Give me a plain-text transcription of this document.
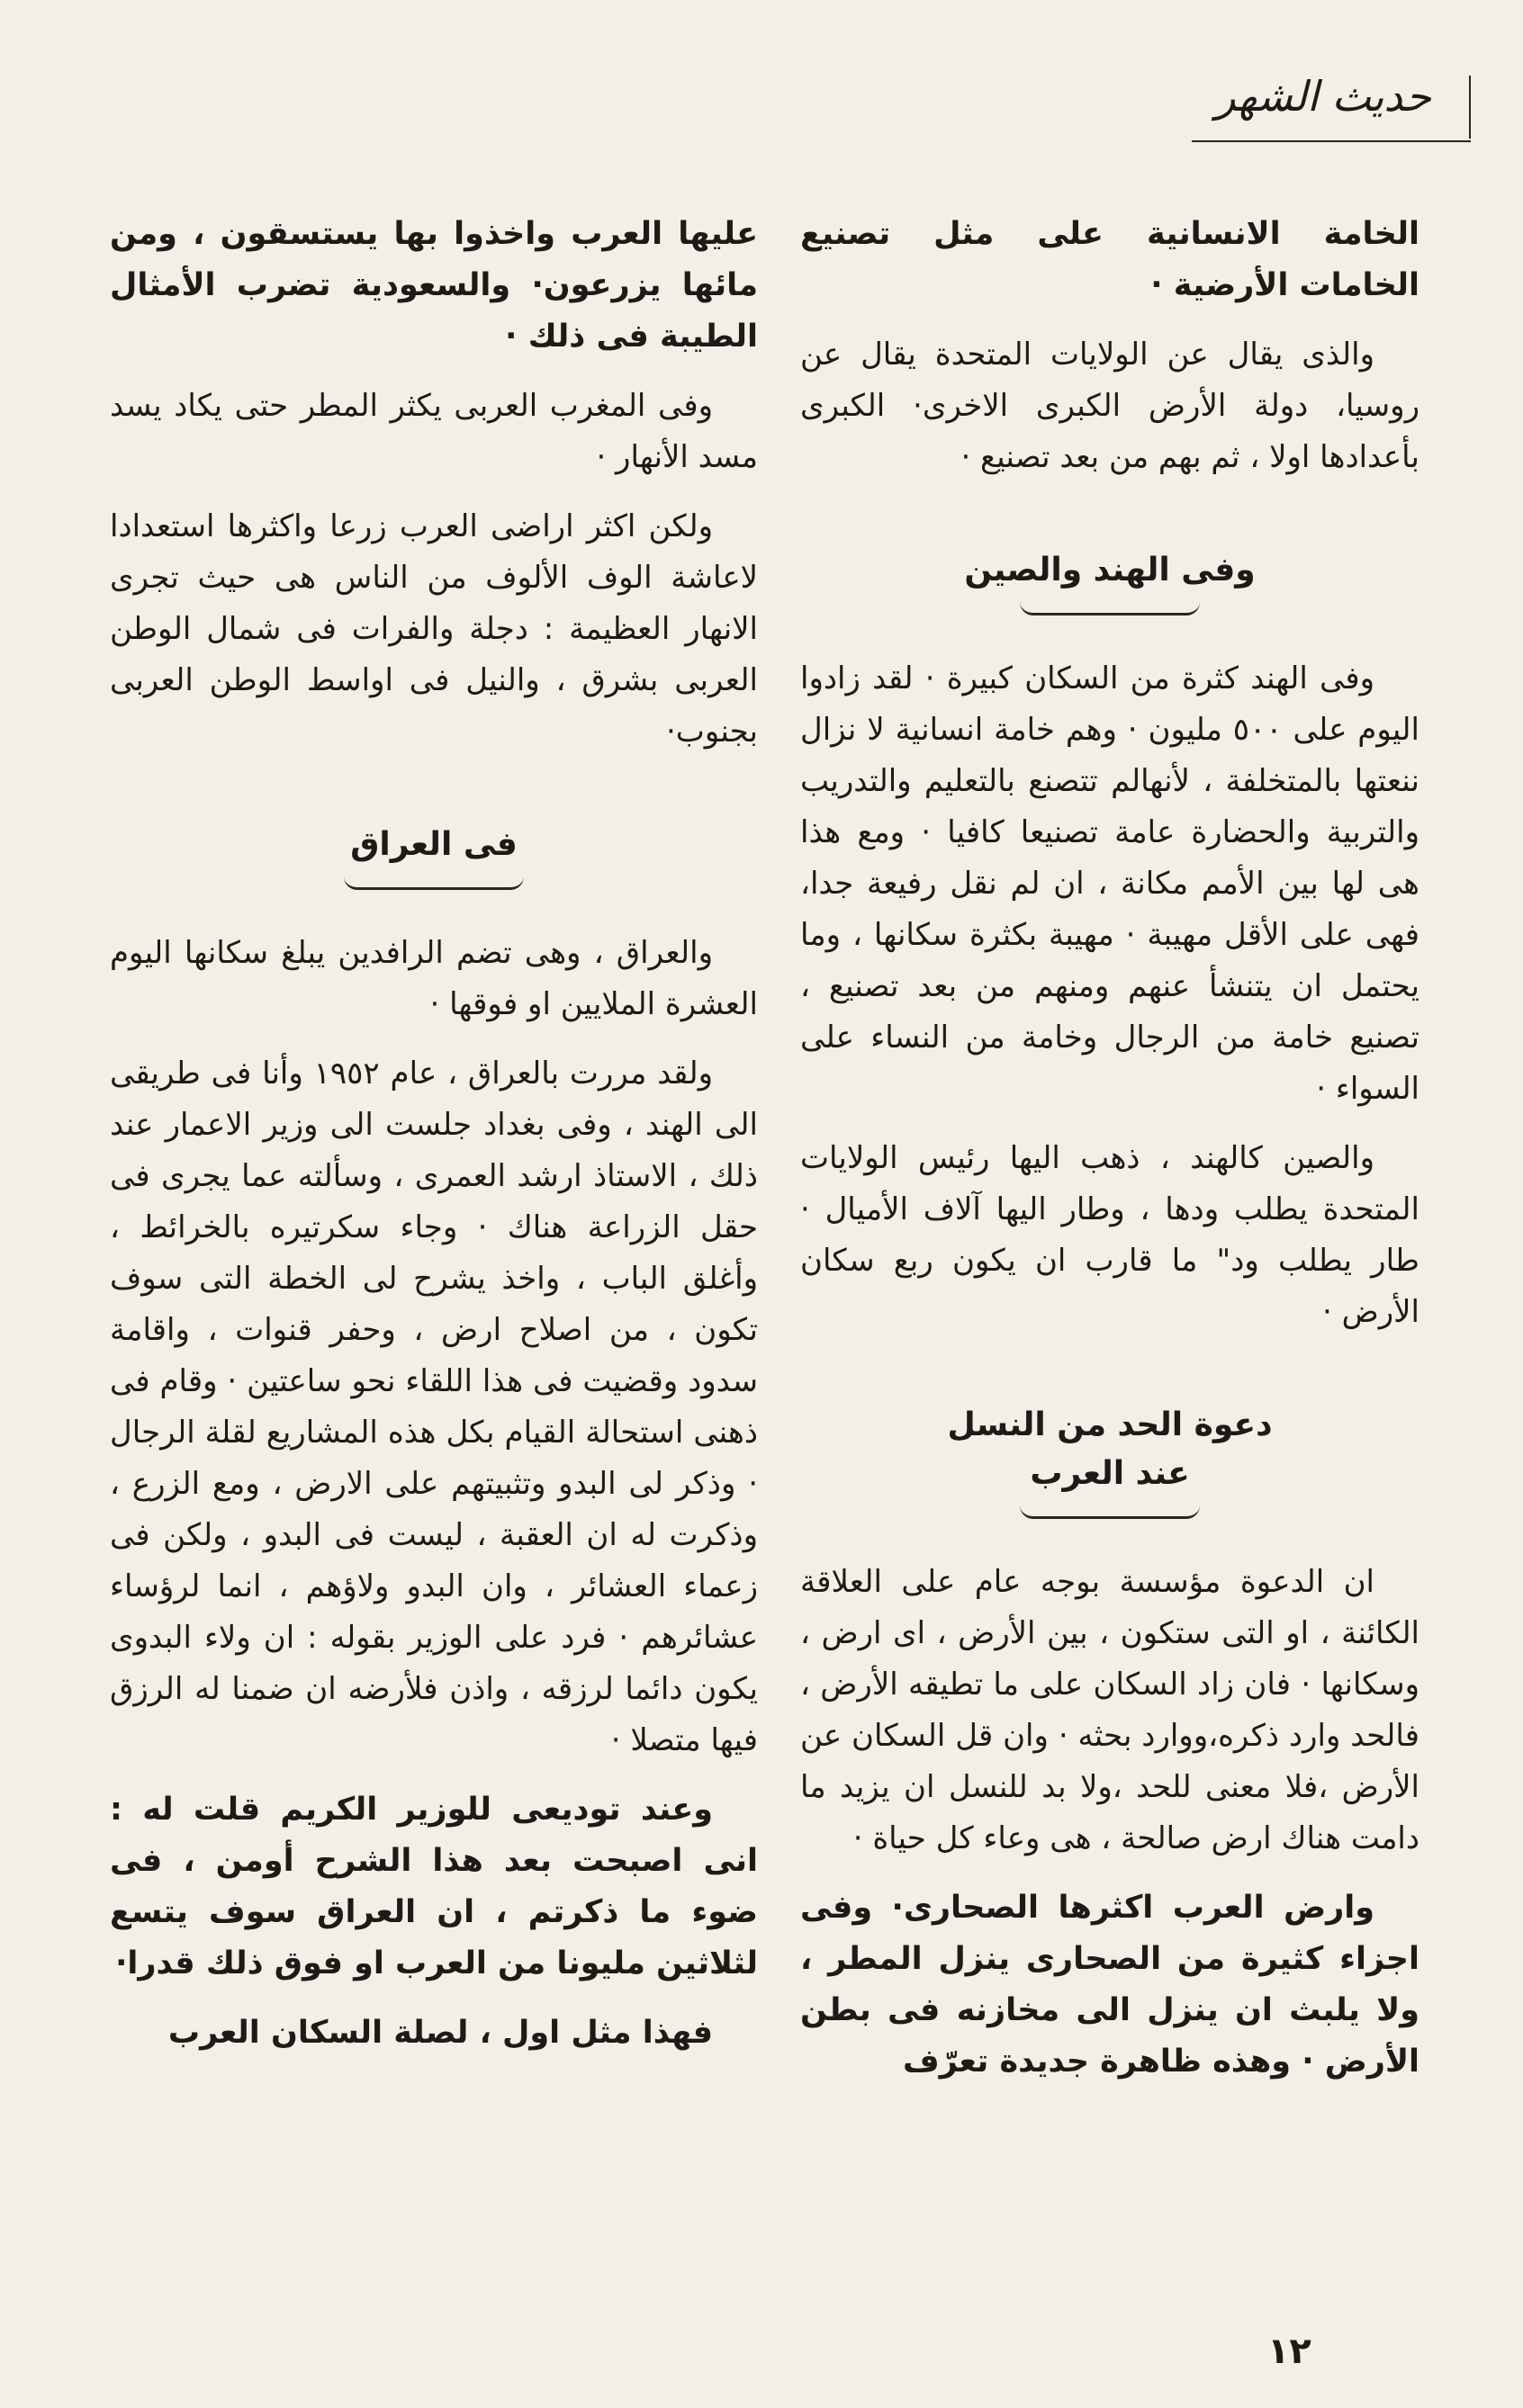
حديث الشهر

الخامة الانسانية على مثل تصنيع الخامات الأرضية ·

والذى يقال عن الولايات المتحدة يقال عن روسيا، دولة الأرض الكبرى الاخرى· الكبرى بأعدادها اولا ، ثم بهم من بعد تصنيع ·

وفى الهند والصين

وفى الهند كثرة من السكان كبيرة · لقد زادوا اليوم على ٥٠٠ مليون · وهم خامة انسانية لا نزال ننعتها بالمتخلفة ، لأنهالم تتصنع بالتعليم والتدريب والتربية والحضارة عامة تصنيعا كافيا · ومع هذا هى لها بين الأمم مكانة ، ان لم نقل رفيعة جدا، فهى على الأقل مهيبة · مهيبة بكثرة سكانها ، وما يحتمل ان يتنشأ عنهم ومنهم من بعد تصنيع ، تصنيع خامة من الرجال وخامة من النساء على السواء ·

والصين كالهند ، ذهب اليها رئيس الولايات المتحدة يطلب ودها ، وطار اليها آلاف الأميال · طار يطلب ود" ما قارب ان يكون ربع سكان الأرض ·

دعوة الحد من النسل
عند العرب

ان الدعوة مؤسسة بوجه عام على العلاقة الكائنة ، او التى ستكون ، بين الأرض ، اى ارض ، وسكانها · فان زاد السكان على ما تطيقه الأرض ، فالحد وارد ذكره،ووارد بحثه · وان قل السكان عن الأرض ،فلا معنى للحد ،ولا بد للنسل ان يزيد ما دامت هناك ارض صالحة ، هى وعاء كل حياة ·

وارض العرب اكثرها الصحارى· وفى اجزاء كثيرة من الصحارى ينزل المطر ، ولا يلبث ان ينزل الى مخازنه فى بطن الأرض · وهذه ظاهرة جديدة تعرّف

عليها العرب واخذوا بها يستسقون ، ومن مائها يزرعون· والسعودية تضرب الأمثال الطيبة فى ذلك ·

وفى المغرب العربى يكثر المطر حتى يكاد يسد مسد الأنهار ·

ولكن اكثر اراضى العرب زرعا واكثرها استعدادا لاعاشة الوف الألوف من الناس هى حيث تجرى الانهار العظيمة : دجلة والفرات فى شمال الوطن العربى بشرق ، والنيل فى اواسط الوطن العربى بجنوب·

فى العراق

والعراق ، وهى تضم الرافدين يبلغ سكانها اليوم العشرة الملايين او فوقها ·

ولقد مررت بالعراق ، عام ١٩٥٢ وأنا فى طريقى الى الهند ، وفى بغداد جلست الى وزير الاعمار عند ذلك ، الاستاذ ارشد العمرى ، وسألته عما يجرى فى حقل الزراعة هناك · وجاء سكرتيره بالخرائط ، وأغلق الباب ، واخذ يشرح لى الخطة التى سوف تكون ، من اصلاح ارض ، وحفر قنوات ، واقامة سدود وقضيت فى هذا اللقاء نحو ساعتين · وقام فى ذهنى استحالة القيام بكل هذه المشاريع لقلة الرجال · وذكر لى البدو وتثبيتهم على الارض ، ومع الزرع ، وذكرت له ان العقبة ، ليست فى البدو ، ولكن فى زعماء العشائر ، وان البدو ولاؤهم ، انما لرؤساء عشائرهم · فرد على الوزير بقوله : ان ولاء البدوى يكون دائما لرزقه ، واذن فلأرضه ان ضمنا له الرزق فيها متصلا ·

وعند توديعى للوزير الكريم قلت له : انى اصبحت بعد هذا الشرح أومن ، فى ضوء ما ذكرتم ، ان العراق سوف يتسع لثلاثين مليونا من العرب او فوق ذلك قدرا·

فهذا مثل اول ، لصلة السكان العرب

١٢
